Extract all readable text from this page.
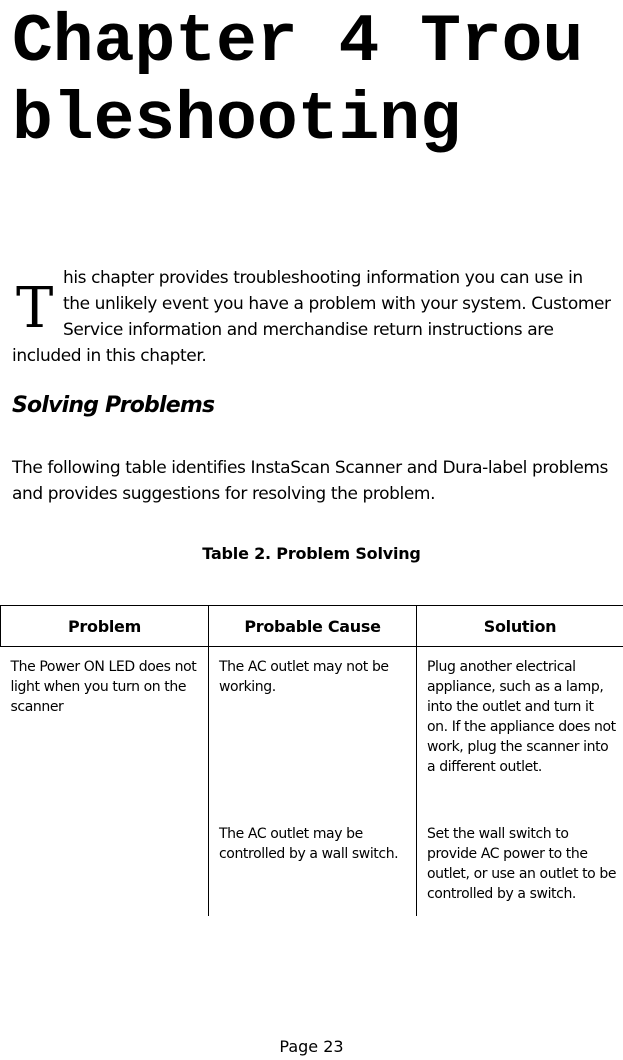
Chapter 4 Troubleshooting
This chapter provides troubleshooting information you can use in the unlikely event you have a problem with your system. Customer Service information and merchandise return instructions are included in this chapter.
Solving Problems

The following table identifies InstaScan Scanner and Dura-label problems and provides suggestions for resolving the problem.

Table 2. Problem Solving

Problem	Probable Cause	Solution
The Power ON LED does not light when you turn on the scanner	The AC outlet may not be working.	Plug another electrical appliance, such as a lamp, into the outlet and turn it on. If the appliance does not work, plug the scanner into a different outlet.
	The AC outlet may be controlled by a wall switch.	Set the wall switch to provide AC power to the outlet, or use an outlet to be controlled by a switch.

Page 23
